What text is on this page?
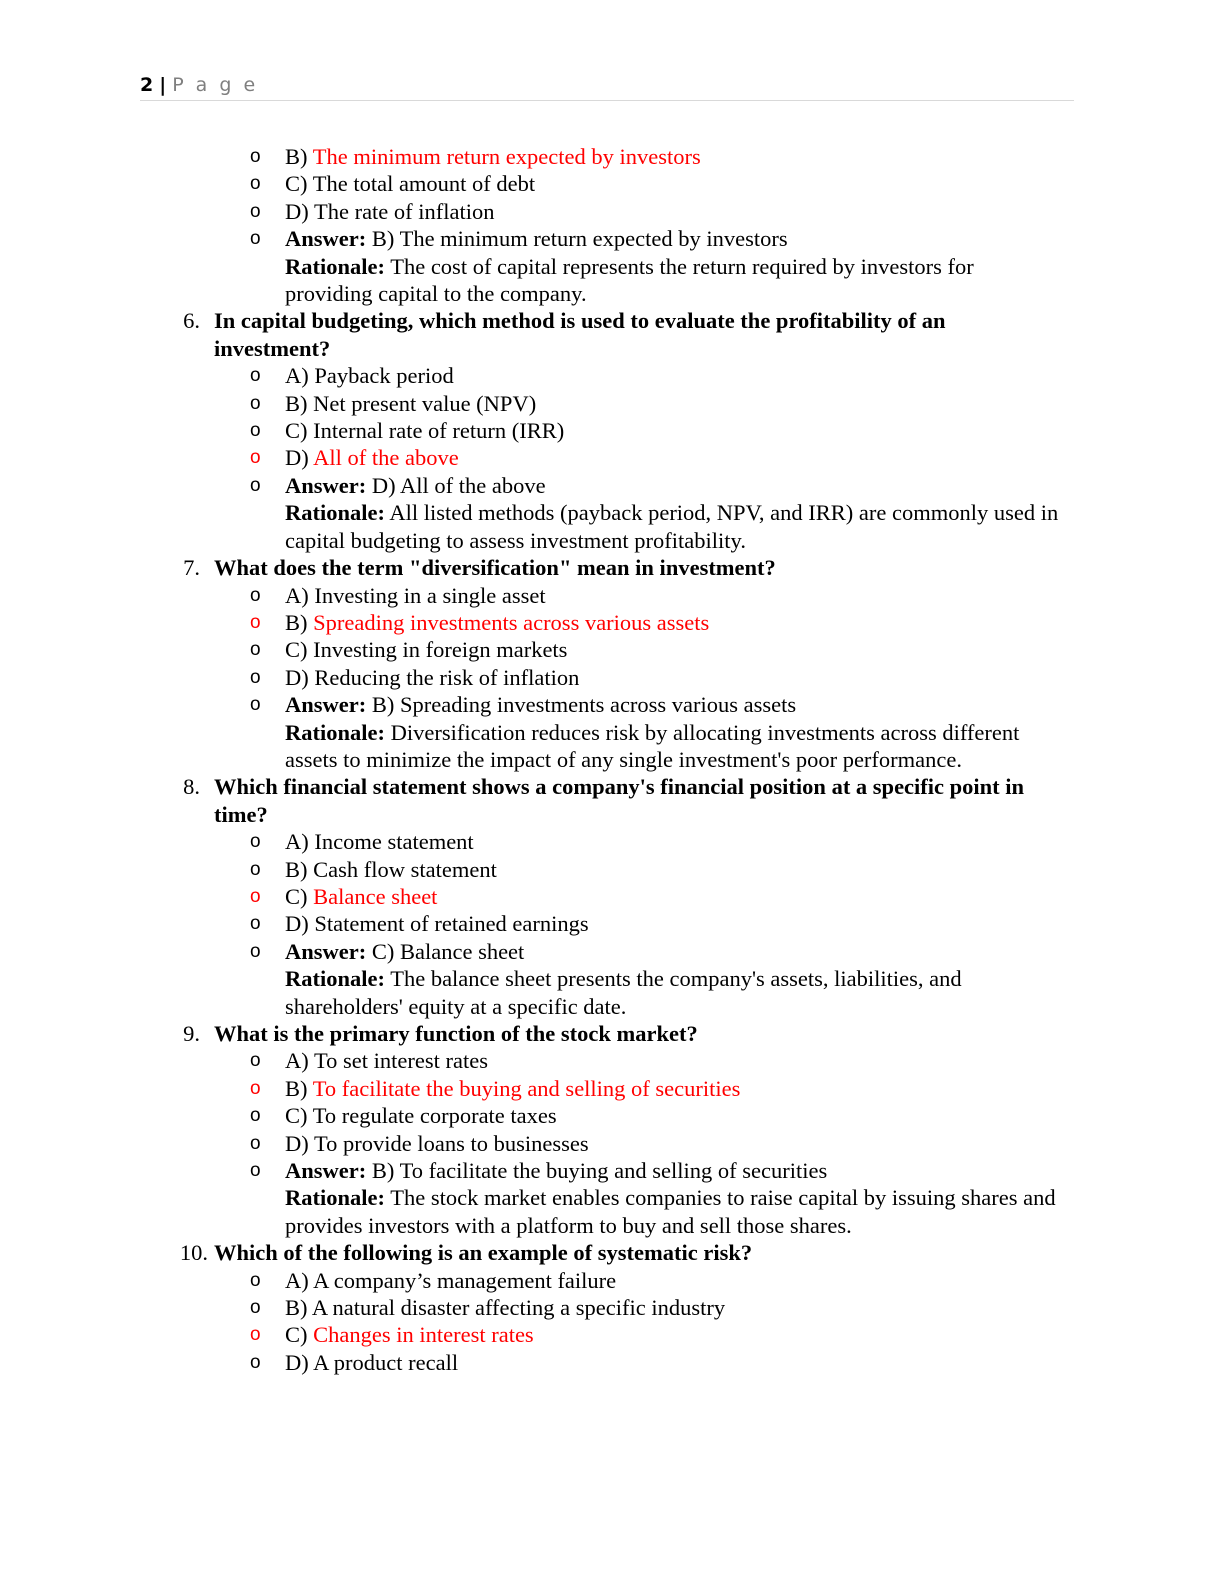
2 | P a g e
o B) The minimum return expected by investors
o C) The total amount of debt
o D) The rate of inflation
o Answer: B) The minimum return expected by investors
Rationale: The cost of capital represents the return required by investors for providing capital to the company.
6. In capital budgeting, which method is used to evaluate the profitability of an investment?
o A) Payback period
o B) Net present value (NPV)
o C) Internal rate of return (IRR)
o D) All of the above
o Answer: D) All of the above
Rationale: All listed methods (payback period, NPV, and IRR) are commonly used in capital budgeting to assess investment profitability.
7. What does the term "diversification" mean in investment?
o A) Investing in a single asset
o B) Spreading investments across various assets
o C) Investing in foreign markets
o D) Reducing the risk of inflation
o Answer: B) Spreading investments across various assets
Rationale: Diversification reduces risk by allocating investments across different assets to minimize the impact of any single investment's poor performance.
8. Which financial statement shows a company's financial position at a specific point in time?
o A) Income statement
o B) Cash flow statement
o C) Balance sheet
o D) Statement of retained earnings
o Answer: C) Balance sheet
Rationale: The balance sheet presents the company's assets, liabilities, and shareholders' equity at a specific date.
9. What is the primary function of the stock market?
o A) To set interest rates
o B) To facilitate the buying and selling of securities
o C) To regulate corporate taxes
o D) To provide loans to businesses
o Answer: B) To facilitate the buying and selling of securities
Rationale: The stock market enables companies to raise capital by issuing shares and provides investors with a platform to buy and sell those shares.
10. Which of the following is an example of systematic risk?
o A) A company’s management failure
o B) A natural disaster affecting a specific industry
o C) Changes in interest rates
o D) A product recall
